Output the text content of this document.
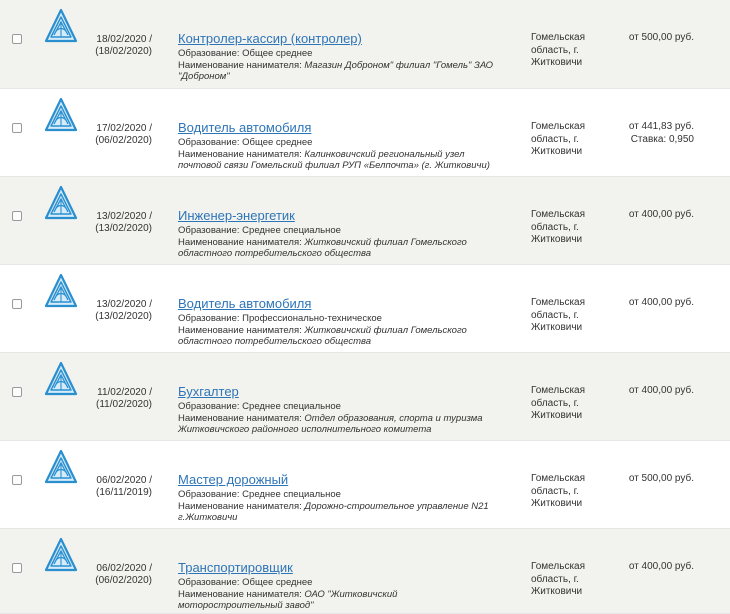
18/02/2020 /
(18/02/2020)
Контролер-кассир (контролер)
Образование: Общее среднее
Наименование нанимателя: Магазин Доброном" филиал "Гомель" ЗАО
"Доброном"
Гомельская
область, г.
Житковичи
от 500,00 руб.
17/02/2020 /
(06/02/2020)
Водитель автомобиля
Образование: Общее среднее
Наименование нанимателя: Калинковичский региональный узел
почтовой связи Гомельский филиал РУП «Белпочта» (г. Житковичи)
Гомельская
область, г.
Житковичи
от 441,83 руб.
Ставка: 0,950
13/02/2020 /
(13/02/2020)
Инженер-энергетик
Образование: Среднее специальное
Наименование нанимателя: Житковичский филиал Гомельского
областного потребительского общества
Гомельская
область, г.
Житковичи
от 400,00 руб.
13/02/2020 /
(13/02/2020)
Водитель автомобиля
Образование: Профессионально-техническое
Наименование нанимателя: Житковичский филиал Гомельского
областного потребительского общества
Гомельская
область, г.
Житковичи
от 400,00 руб.
11/02/2020 /
(11/02/2020)
Бухгалтер
Образование: Среднее специальное
Наименование нанимателя: Отдел образования, спорта и туризма
Житковичского районного исполнительного комитета
Гомельская
область, г.
Житковичи
от 400,00 руб.
06/02/2020 /
(16/11/2019)
Мастер дорожный
Образование: Среднее специальное
Наименование нанимателя: Дорожно-строительное управление N21
г.Житковичи
Гомельская
область, г.
Житковичи
от 500,00 руб.
06/02/2020 /
(06/02/2020)
Транспортировщик
Образование: Общее среднее
Наименование нанимателя: ОАО "Житковичский
моторостроительный завод"
Гомельская
область, г.
Житковичи
от 400,00 руб.
